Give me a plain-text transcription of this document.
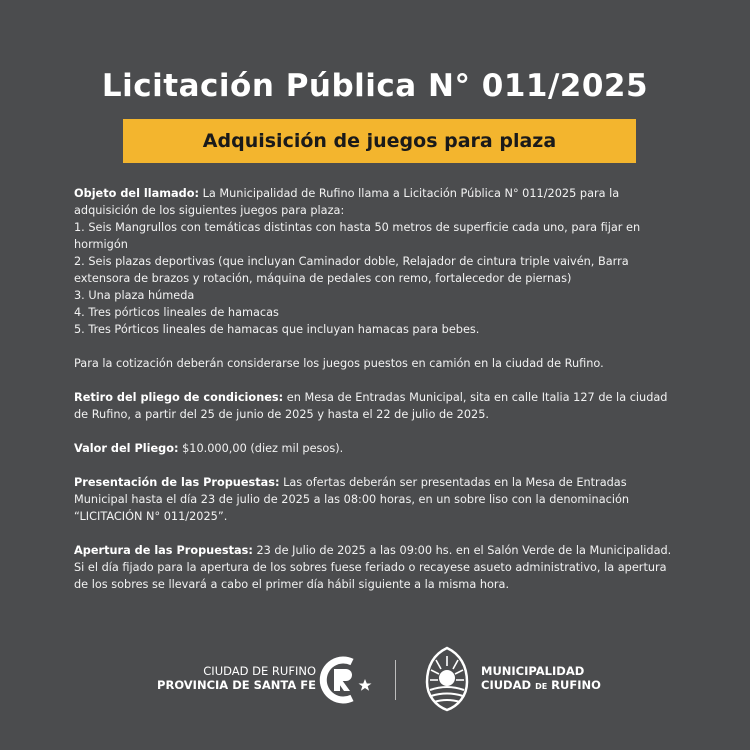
Licitación Pública N° 011/2025
Adquisición de juegos para plaza

Objeto del llamado: La Municipalidad de Rufino llama a Licitación Pública N° 011/2025 para la adquisición de los siguientes juegos para plaza:

1. Seis Mangrullos con temáticas distintas con hasta 50 metros de superficie cada uno, para fijar en hormigón
2. Seis plazas deportivas (que incluyan Caminador doble, Relajador de cintura triple vaivén, Barra extensora de brazos y rotación, máquina de pedales con remo, fortalecedor de piernas)
3. Una plaza húmeda
4. Tres pórticos lineales de hamacas
5. Tres Pórticos lineales de hamacas que incluyan hamacas para bebes.

Para la cotización deberán considerarse los juegos puestos en camión en la ciudad de Rufino.

Retiro del pliego de condiciones: en Mesa de Entradas Municipal, sita en calle Italia 127 de la ciudad de Rufino, a partir del 25 de junio de 2025 y hasta el 22 de julio de 2025.

Valor del Pliego: $10.000,00 (diez mil pesos).

Presentación de las Propuestas: Las ofertas deberán ser presentadas en la Mesa de Entradas Municipal hasta el día 23 de julio de 2025 a las 08:00 horas, en un sobre liso con la denominación “LICITACIÓN N° 011/2025”.

Apertura de las Propuestas: 23 de Julio de 2025 a las 09:00 hs. en el Salón Verde de la Municipalidad. Si el día fijado para la apertura de los sobres fuese feriado o recayese asueto administrativo, la apertura de los sobres se llevará a cabo el primer día hábil siguiente a la misma hora.

CIUDAD DE RUFINO
PROVINCIA DE SANTA FE
MUNICIPALIDAD
CIUDAD DE RUFINO
